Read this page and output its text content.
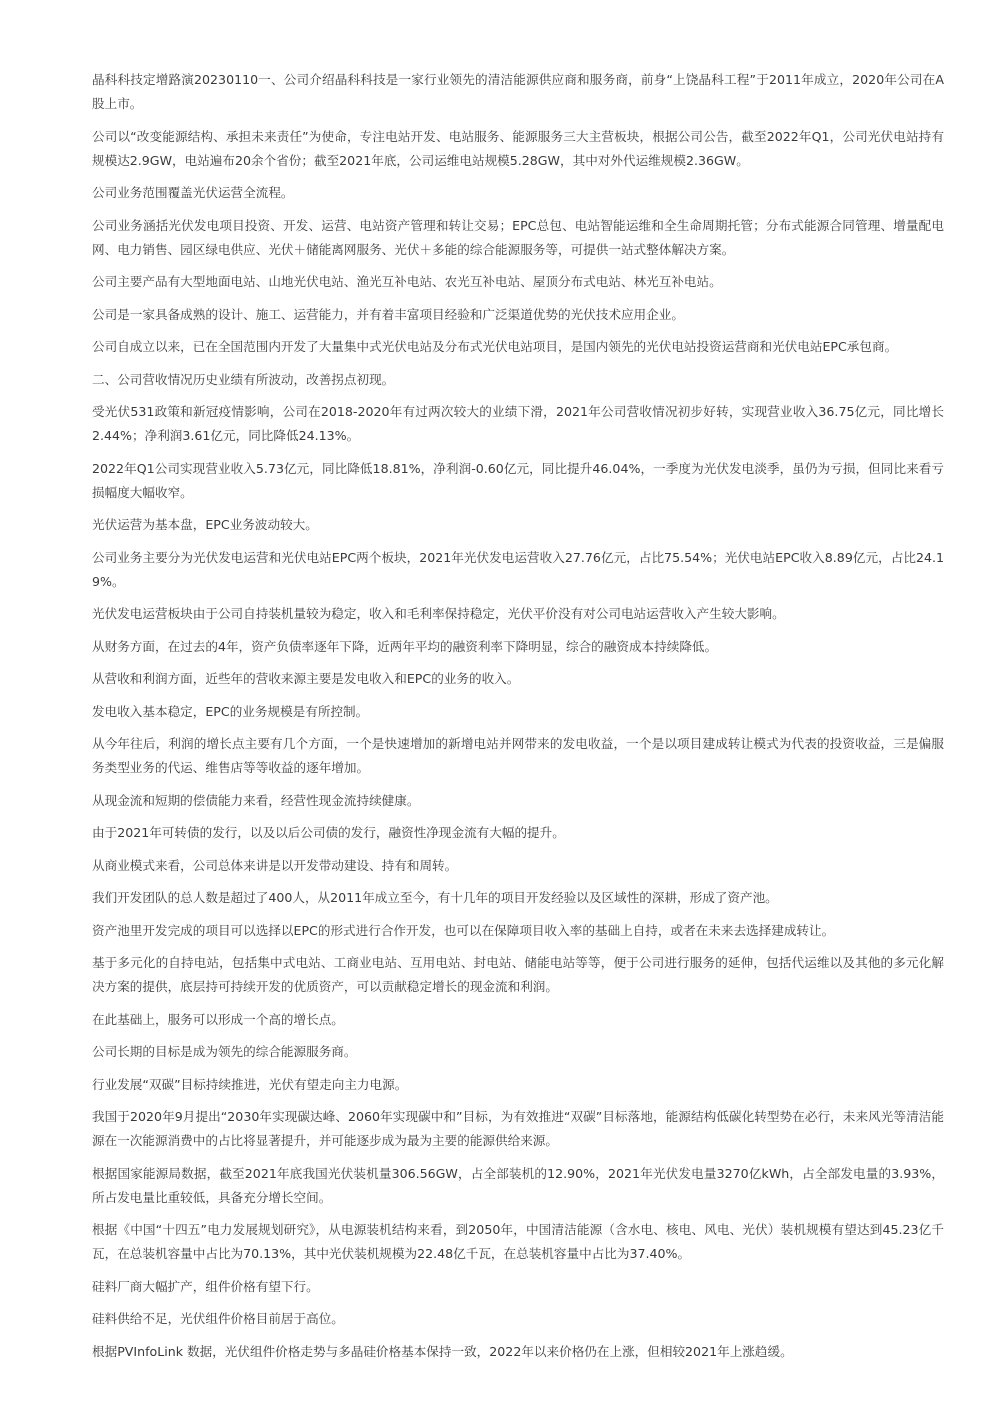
晶科科技定增路演20230110一、公司介绍晶科科技是一家行业领先的清洁能源供应商和服务商，前身“上饶晶科工程”于2011年成立，2020年公司在A股上市。

公司以“改变能源结构、承担未来责任”为使命，专注电站开发、电站服务、能源服务三大主营板块，根据公司公告，截至2022年Q1，公司光伏电站持有规模达2.9GW，电站遍布20余个省份；截至2021年底，公司运维电站规模5.28GW，其中对外代运维规模2.36GW。

公司业务范围覆盖光伏运营全流程。

公司业务涵括光伏发电项目投资、开发、运营、电站资产管理和转让交易；EPC总包、电站智能运维和全生命周期托管；分布式能源合同管理、增量配电网、电力销售、园区绿电供应、光伏＋储能离网服务、光伏＋多能的综合能源服务等，可提供一站式整体解决方案。

公司主要产品有大型地面电站、山地光伏电站、渔光互补电站、农光互补电站、屋顶分布式电站、林光互补电站。

公司是一家具备成熟的设计、施工、运营能力，并有着丰富项目经验和广泛渠道优势的光伏技术应用企业。

公司自成立以来，已在全国范围内开发了大量集中式光伏电站及分布式光伏电站项目，是国内领先的光伏电站投资运营商和光伏电站EPC承包商。

二、公司营收情况历史业绩有所波动，改善拐点初现。

受光伏531政策和新冠疫情影响，公司在2018-2020年有过两次较大的业绩下滑，2021年公司营收情况初步好转，实现营业收入36.75亿元，同比增长2.44%；净利润3.61亿元，同比降低24.13%。

2022年Q1公司实现营业收入5.73亿元，同比降低18.81%，净利润-0.60亿元，同比提升46.04%，一季度为光伏发电淡季，虽仍为亏损，但同比来看亏损幅度大幅收窄。

光伏运营为基本盘，EPC业务波动较大。

公司业务主要分为光伏发电运营和光伏电站EPC两个板块，2021年光伏发电运营收入27.76亿元，占比75.54%；光伏电站EPC收入8.89亿元，占比24.19%。

光伏发电运营板块由于公司自持装机量较为稳定，收入和毛利率保持稳定，光伏平价没有对公司电站运营收入产生较大影响。

从财务方面，在过去的4年，资产负债率逐年下降，近两年平均的融资利率下降明显，综合的融资成本持续降低。

从营收和利润方面，近些年的营收来源主要是发电收入和EPC的业务的收入。

发电收入基本稳定，EPC的业务规模是有所控制。

从今年往后，利润的增长点主要有几个方面，一个是快速增加的新增电站并网带来的发电收益，一个是以项目建成转让模式为代表的投资收益，三是偏服务类型业务的代运、维售店等等收益的逐年增加。

从现金流和短期的偿债能力来看，经营性现金流持续健康。

由于2021年可转债的发行，以及以后公司债的发行，融资性净现金流有大幅的提升。

从商业模式来看，公司总体来讲是以开发带动建设、持有和周转。

我们开发团队的总人数是超过了400人，从2011年成立至今，有十几年的项目开发经验以及区域性的深耕，形成了资产池。

资产池里开发完成的项目可以选择以EPC的形式进行合作开发，也可以在保障项目收入率的基础上自持，或者在未来去选择建成转让。

基于多元化的自持电站，包括集中式电站、工商业电站、互用电站、封电站、储能电站等等，便于公司进行服务的延伸，包括代运维以及其他的多元化解决方案的提供，底层持可持续开发的优质资产，可以贡献稳定增长的现金流和利润。

在此基础上，服务可以形成一个高的增长点。

公司长期的目标是成为领先的综合能源服务商。

行业发展“双碳”目标持续推进，光伏有望走向主力电源。

我国于2020年9月提出“2030年实现碳达峰、2060年实现碳中和”目标，为有效推进“双碳”目标落地，能源结构低碳化转型势在必行，未来风光等清洁能源在一次能源消费中的占比将显著提升，并可能逐步成为最为主要的能源供给来源。

根据国家能源局数据，截至2021年底我国光伏装机量306.56GW，占全部装机的12.90%，2021年光伏发电量3270亿kWh，占全部发电量的3.93%，所占发电量比重较低，具备充分增长空间。

根据《中国“十四五”电力发展规划研究》，从电源装机结构来看，到2050年，中国清洁能源（含水电、核电、风电、光伏）装机规模有望达到45.23亿千瓦，在总装机容量中占比为70.13%，其中光伏装机规模为22.48亿千瓦，在总装机容量中占比为37.40%。

硅料厂商大幅扩产，组件价格有望下行。

硅料供给不足，光伏组件价格目前居于高位。

根据PVInfoLink 数据，光伏组件价格走势与多晶硅价格基本保持一致，2022年以来价格仍在上涨，但相较2021年上涨趋缓。
